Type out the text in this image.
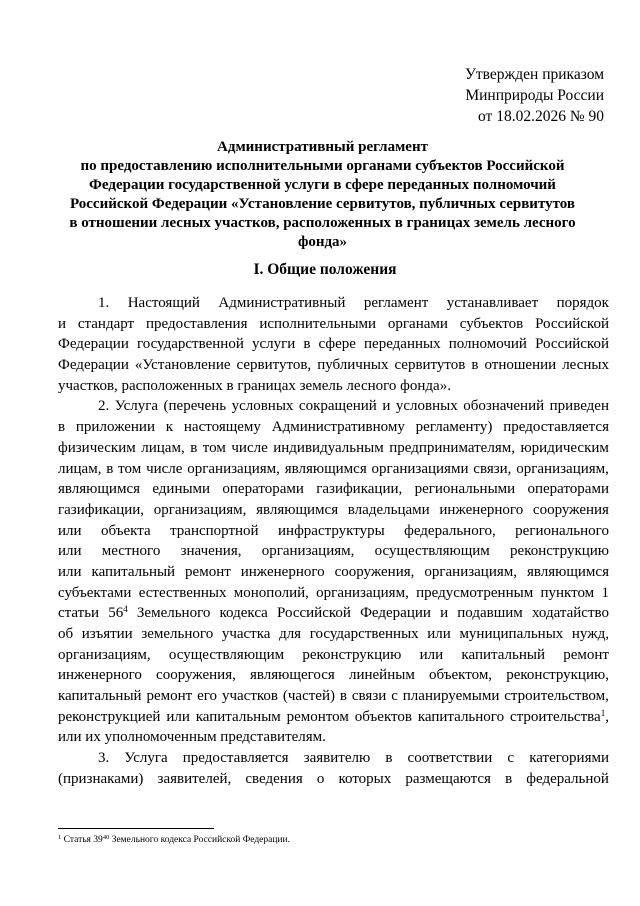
Утвержден приказом
Минприроды России
от 18.02.2026 № 90
Административный регламент
по предоставлению исполнительными органами субъектов Российской
Федерации государственной услуги в сфере переданных полномочий
Российской Федерации «Установление сервитутов, публичных сервитутов
в отношении лесных участков, расположенных в границах земель лесного
фонда»
I. Общие положения
1. Настоящий Административный регламент устанавливает порядок
и стандарт предоставления исполнительными органами субъектов Российской
Федерации государственной услуги в сфере переданных полномочий Российской
Федерации «Установление сервитутов, публичных сервитутов в отношении лесных
участков, расположенных в границах земель лесного фонда».
2. Услуга (перечень условных сокращений и условных обозначений приведен
в приложении к настоящему Административному регламенту) предоставляется
физическим лицам, в том числе индивидуальным предпринимателям, юридическим
лицам, в том числе организациям, являющимся организациями связи, организациям,
являющимся едиными операторами газификации, региональными операторами
газификации, организациям, являющимся владельцами инженерного сооружения
или объекта транспортной инфраструктуры федерального, регионального
или местного значения, организациям, осуществляющим реконструкцию
или капитальный ремонт инженерного сооружения, организациям, являющимся
субъектами естественных монополий, организациям, предусмотренным пунктом 1
статьи $56^4$ Земельного кодекса Российской Федерации и подавшим ходатайство
об изъятии земельного участка для государственных или муниципальных нужд,
организациям, осуществляющим реконструкцию или капитальный ремонт
инженерного сооружения, являющегося линейным объектом, реконструкцию,
капитальный ремонт его участков (частей) в связи с планируемыми строительством,
реконструкцией или капитальным ремонтом объектов капитального строительства$^1$,
или их уполномоченным представителям.
3. Услуга предоставляется заявителю в соответствии с категориями
(признаками) заявителей, сведения о которых размещаются в федеральной
$^1$ Статья $39^{40}$ Земельного кодекса Российской Федерации.
